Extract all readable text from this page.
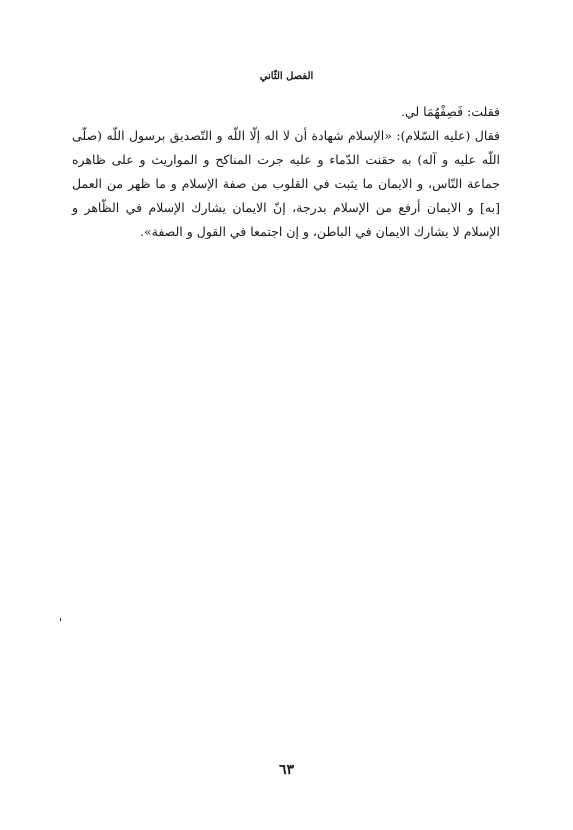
الفصل الثّاني

فقلت: فَصِفْهُمَا لي.

فقال (عليه السّلام): «الإسلام شهادة أن لا اله إلّا اللّه و التّصديق برسول اللّه (صلّى اللّه عليه و آله) به حقنت الدّماء و عليه جرت المناكح و المواريث و على ظاهره جماعة النّاس، و الايمان ما يثبت في القلوب من صفة الإسلام و ما ظهر من العمل [به] و الايمان أرفع من الإسلام بدرجة، إنّ الايمان يشارك الإسلام في الظّاهر و الإسلام لا يشارك الايمان في الباطن، و إن اجتمعا في القول و الصفة».

٦٣
